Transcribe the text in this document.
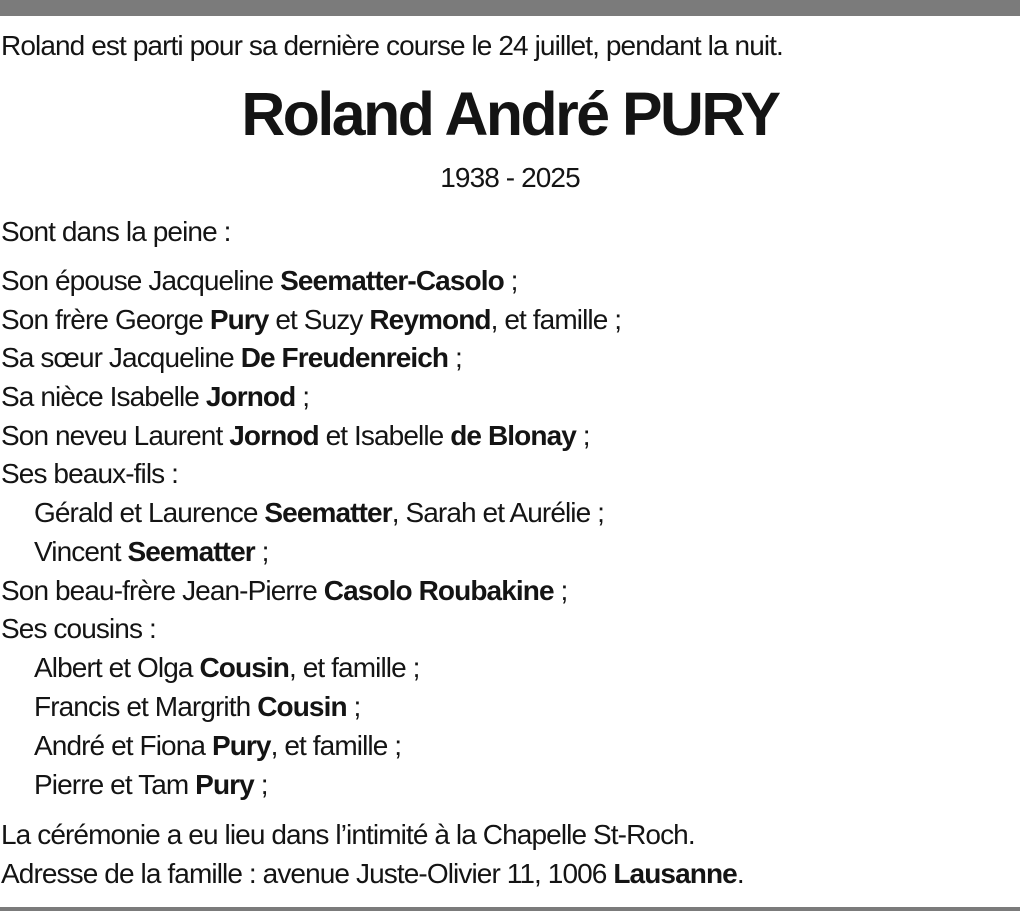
Roland est parti pour sa dernière course le 24 juillet, pendant la nuit.
Roland André PURY
1938 - 2025
Sont dans la peine :
Son épouse Jacqueline Seematter-Casolo ;
Son frère George Pury et Suzy Reymond, et famille ;
Sa sœur Jacqueline De Freudenreich ;
Sa nièce Isabelle Jornod ;
Son neveu Laurent Jornod et Isabelle de Blonay ;
Ses beaux-fils :
Gérald et Laurence Seematter, Sarah et Aurélie ;
Vincent Seematter ;
Son beau-frère Jean-Pierre Casolo Roubakine ;
Ses cousins :
Albert et Olga Cousin, et famille ;
Francis et Margrith Cousin ;
André et Fiona Pury, et famille ;
Pierre et Tam Pury ;
La cérémonie a eu lieu dans l’intimité à la Chapelle St-Roch.
Adresse de la famille : avenue Juste-Olivier 11, 1006 Lausanne.
